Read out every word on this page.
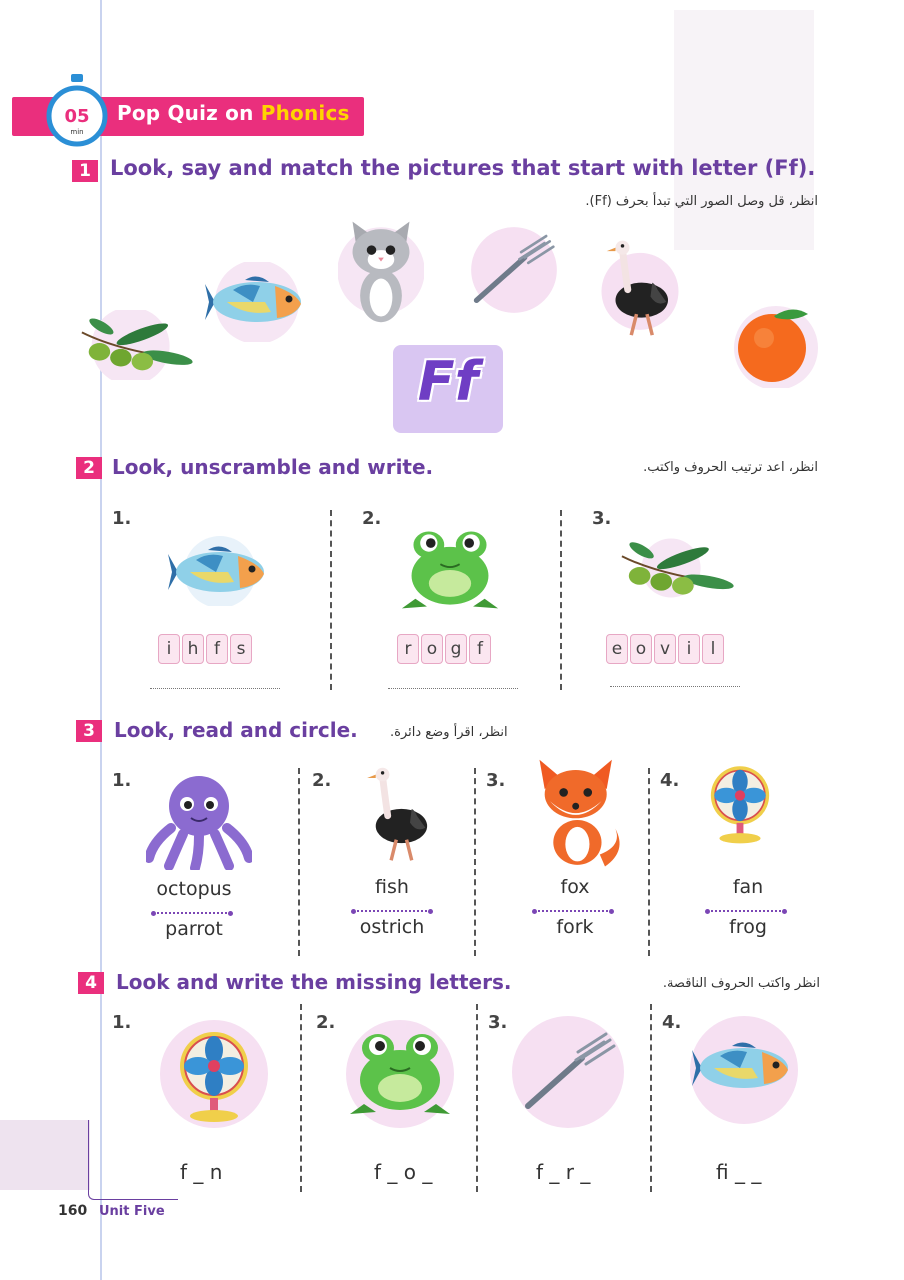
05
min
Pop Quiz on Phonics
1 Look, say and match the pictures that start with letter (Ff).
انظر، قل وصل الصور التي تبدأ بحرف (Ff).
Ff
2 Look, unscramble and write.	انظر، اعد ترتيب الحروف واكتب.
1.
i h f s
2.
r o g f
3.
e o v i	l
3 Look, read and circle. انظر، اقرأ وضع دائرة.
1.
octopus
parrot
2.
fish
ostrich
3.
fox
fork
4.
fan
frog
4 Look and write the missing letters.	انظر واكتب الحروف الناقصة.
1.
f _ n
2.
f _ o _
3.
f _ r _
4.
fi _ _
160 Unit Five
